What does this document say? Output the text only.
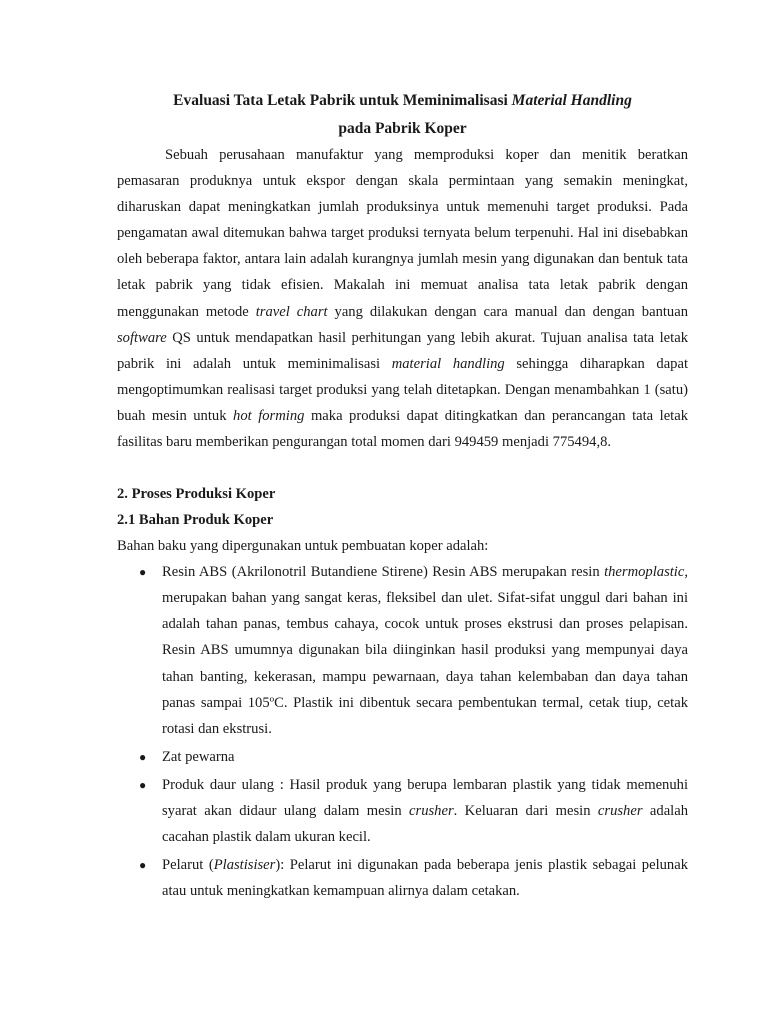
Evaluasi Tata Letak Pabrik untuk Meminimalisasi Material Handling
pada Pabrik Koper

Sebuah perusahaan manufaktur yang memproduksi koper dan menitik beratkan pemasaran produknya untuk ekspor dengan skala permintaan yang semakin meningkat, diharuskan dapat meningkatkan jumlah produksinya untuk memenuhi target produksi. Pada pengamatan awal ditemukan bahwa target produksi ternyata belum terpenuhi. Hal ini disebabkan oleh beberapa faktor, antara lain adalah kurangnya jumlah mesin yang digunakan dan bentuk tata letak pabrik yang tidak efisien. Makalah ini memuat analisa tata letak pabrik dengan menggunakan metode travel chart yang dilakukan dengan cara manual dan dengan bantuan software QS untuk mendapatkan hasil perhitungan yang lebih akurat. Tujuan analisa tata letak pabrik ini adalah untuk meminimalisasi material handling sehingga diharapkan dapat mengoptimumkan realisasi target produksi yang telah ditetapkan. Dengan menambahkan 1 (satu) buah mesin untuk hot forming maka produksi dapat ditingkatkan dan perancangan tata letak fasilitas baru memberikan pengurangan total momen dari 949459 menjadi 775494,8.

2. Proses Produksi Koper
2.1 Bahan Produk Koper

Bahan baku yang dipergunakan untuk pembuatan koper adalah:

● Resin ABS (Akrilonotril Butandiene Stirene) Resin ABS merupakan resin thermoplastic, merupakan bahan yang sangat keras, fleksibel dan ulet. Sifat-sifat unggul dari bahan ini adalah tahan panas, tembus cahaya, cocok untuk proses ekstrusi dan proses pelapisan. Resin ABS umumnya digunakan bila diinginkan hasil produksi yang mempunyai daya tahan banting, kekerasan, mampu pewarnaan, daya tahan kelembaban dan daya tahan panas sampai 105ºC. Plastik ini dibentuk secara pembentukan termal, cetak tiup, cetak rotasi dan ekstrusi.
● Zat pewarna
● Produk daur ulang : Hasil produk yang berupa lembaran plastik yang tidak memenuhi syarat akan didaur ulang dalam mesin crusher. Keluaran dari mesin crusher adalah cacahan plastik dalam ukuran kecil.
● Pelarut (Plastisiser): Pelarut ini digunakan pada beberapa jenis plastik sebagai pelunak atau untuk meningkatkan kemampuan alirnya dalam cetakan.
